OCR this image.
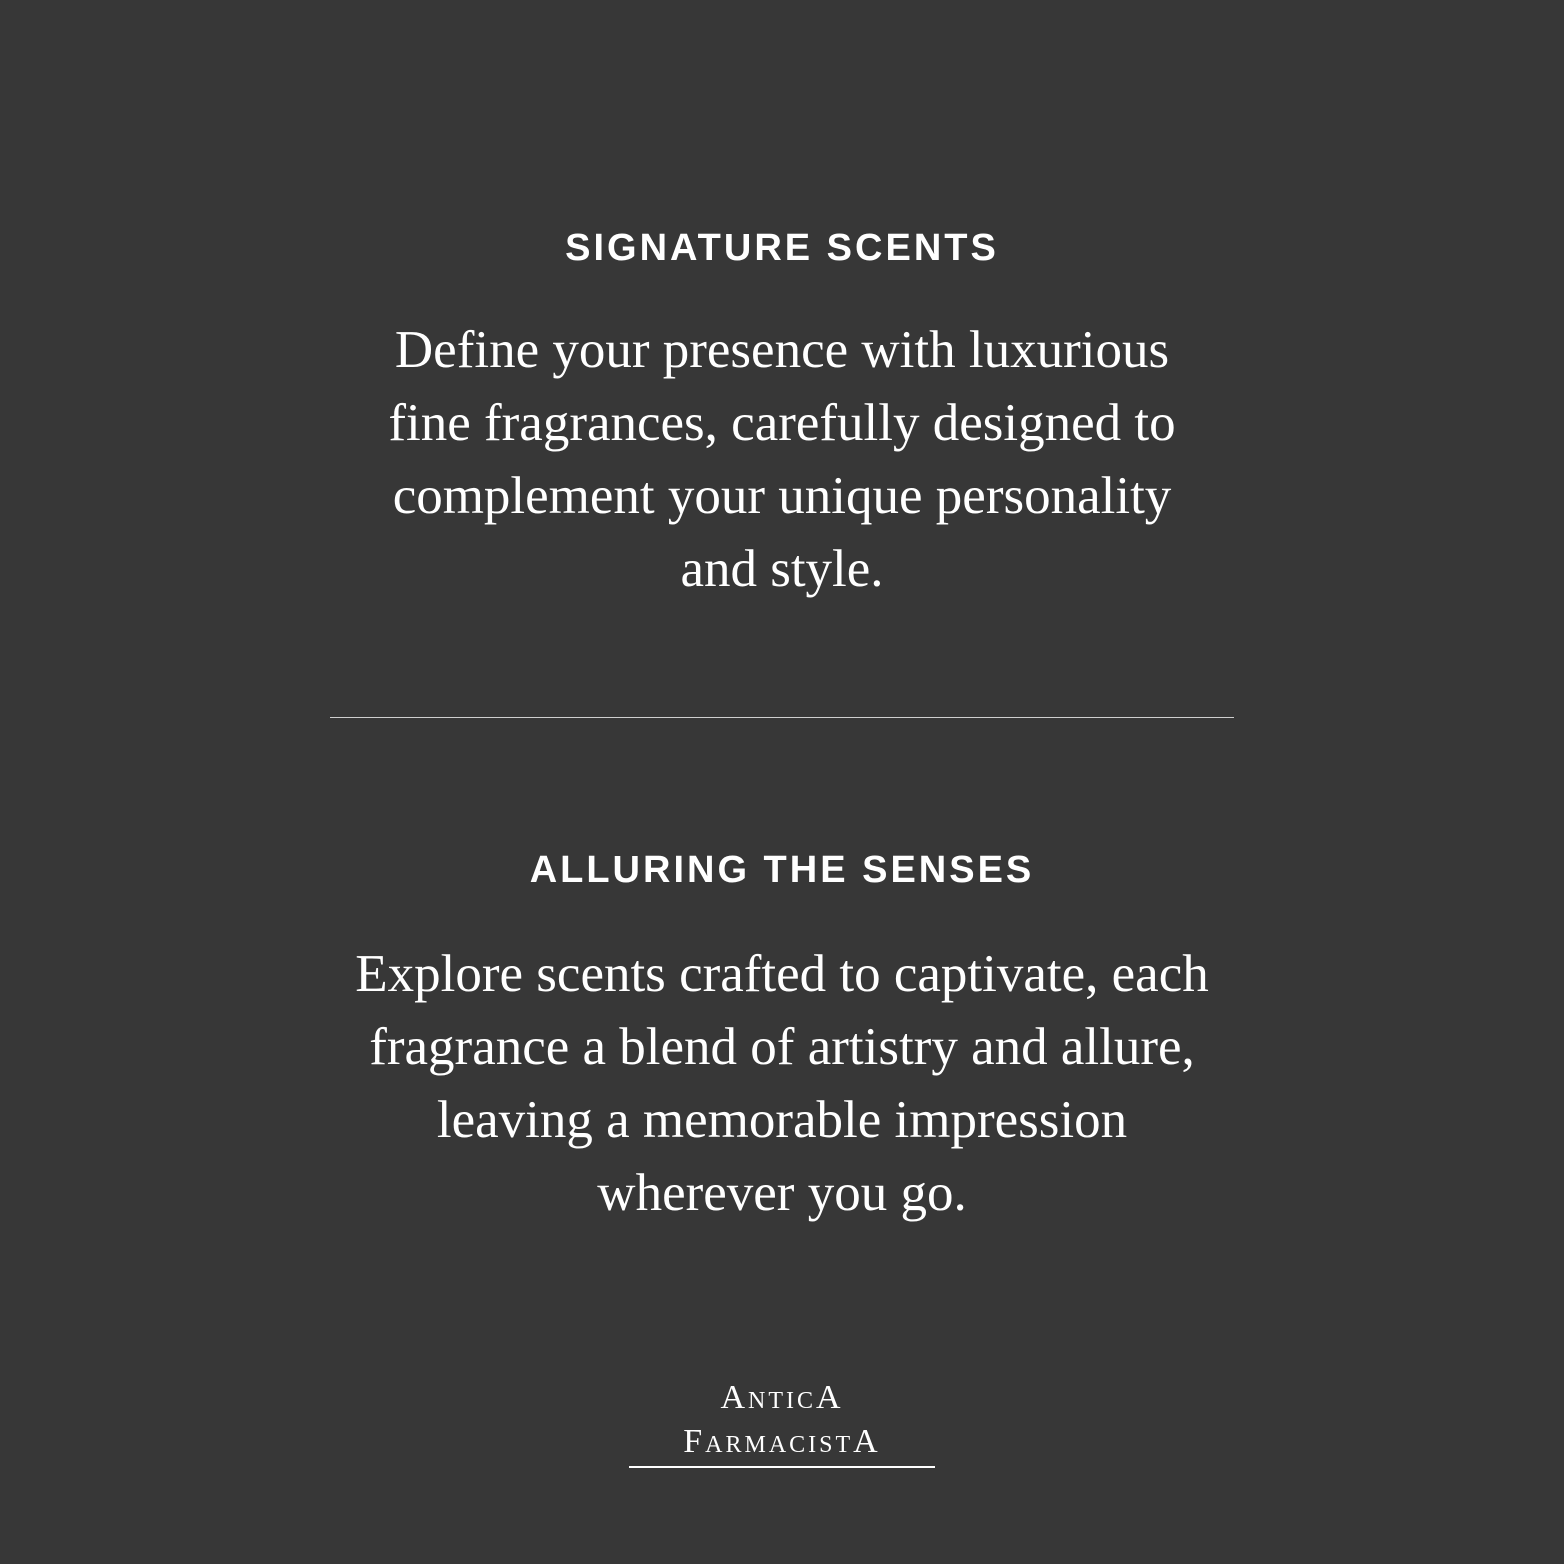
SIGNATURE SCENTS

Define your presence with luxurious
fine fragrances, carefully designed to
complement your unique personality
and style.

ALLURING THE SENSES

Explore scents crafted to captivate, each
fragrance a blend of artistry and allure,
leaving a memorable impression
wherever you go.

AnticA
FarmacistA
